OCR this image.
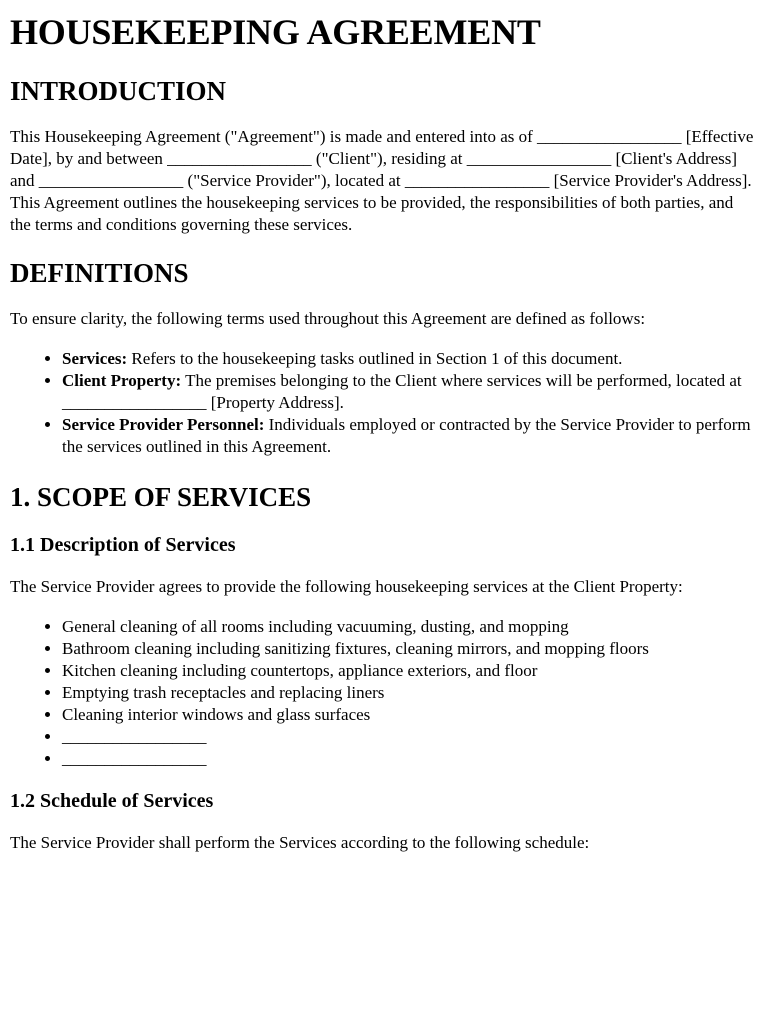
HOUSEKEEPING AGREEMENT
INTRODUCTION

This Housekeeping Agreement ("Agreement") is made and entered into as of _________________ [Effective Date], by and between _________________ ("Client"), residing at _________________ [Client's Address] and _________________ ("Service Provider"), located at _________________ [Service Provider's Address]. This Agreement outlines the housekeeping services to be provided, the responsibilities of both parties, and the terms and conditions governing these services.

DEFINITIONS

To ensure clarity, the following terms used throughout this Agreement are defined as follows:

• Services: Refers to the housekeeping tasks outlined in Section 1 of this document.
• Client Property: The premises belonging to the Client where services will be performed, located at _________________ [Property Address].
• Service Provider Personnel: Individuals employed or contracted by the Service Provider to perform the services outlined in this Agreement.
1. SCOPE OF SERVICES
1.1 Description of Services

The Service Provider agrees to provide the following housekeeping services at the Client Property:

• General cleaning of all rooms including vacuuming, dusting, and mopping
• Bathroom cleaning including sanitizing fixtures, cleaning mirrors, and mopping floors
• Kitchen cleaning including countertops, appliance exteriors, and floor
• Emptying trash receptacles and replacing liners
• Cleaning interior windows and glass surfaces
• _________________
• _________________
1.2 Schedule of Services

The Service Provider shall perform the Services according to the following schedule:
